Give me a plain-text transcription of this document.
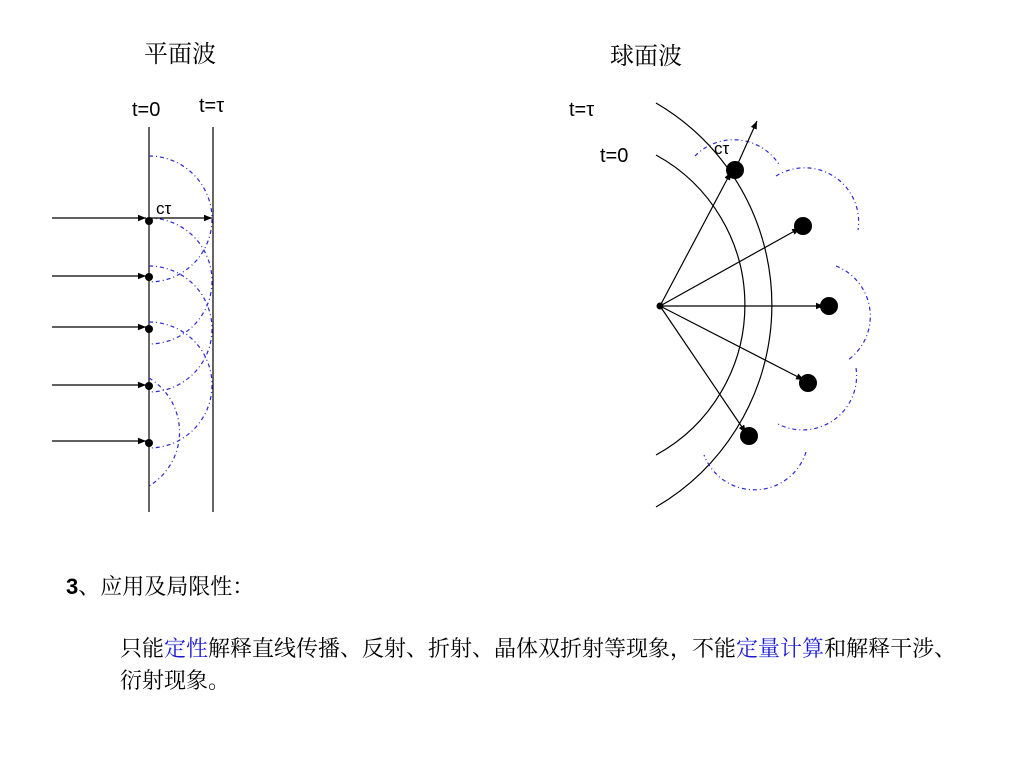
平面波
t=0 t=τ
cτ
球面波
t=τ
t=0	cτ
3、应用及局限性：
只能定性解释直线传播、反射、折射、晶体双折射等现象，不能定量计算和解释干涉、衍射现象。
